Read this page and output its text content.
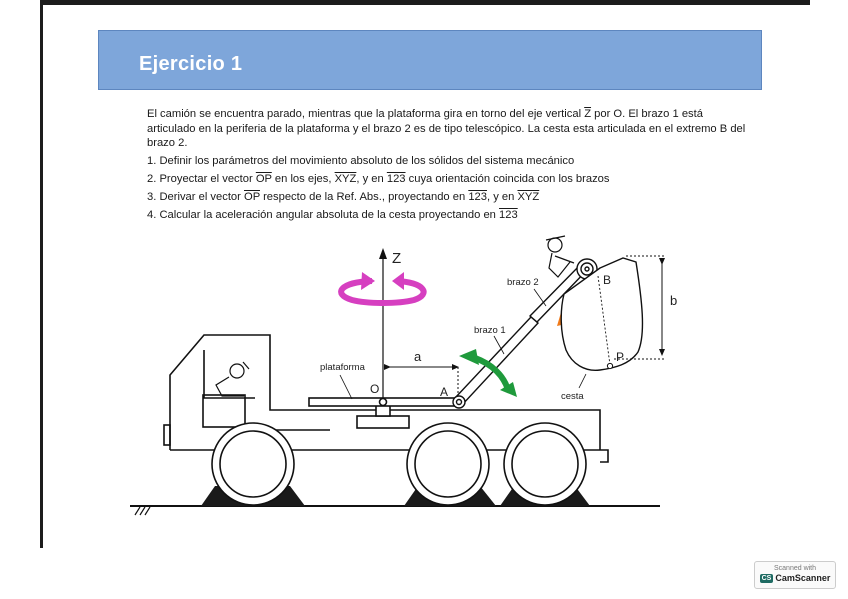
Ejercicio 1

El camión se encuentra parado, mientras que la plataforma gira en torno del eje vertical $\overline{Z}$ por O. El brazo 1 está articulado en la periferia de la plataforma y el brazo 2 es de tipo telescópico. La cesta esta articulada en el extremo B del brazo 2.

1. Definir los parámetros del movimiento absoluto de los sólidos del sistema mecánico
2. Proyectar el vector $\overline{OP}$ en los ejes, $\overline{XYZ}$, y en 123 cuya orientación coincida con los brazos
3. Derivar el vector $\overline{OP}$ respecto de la Ref. Abs., proyectando en 123, y en $\overline{XYZ}$
4. Calcular la aceleración angular absoluta de la cesta proyectando en 123
Z
a
plataforma
O	A
brazo 1
brazo 2	B
P
cesta
b
Scanned with
CS CamScanner
